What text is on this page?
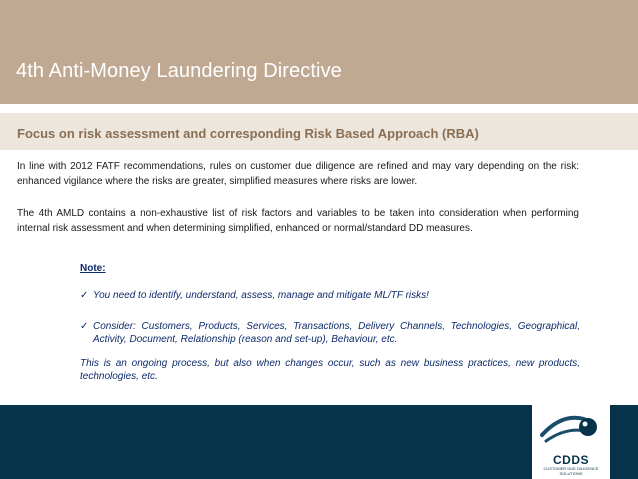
4th Anti-Money Laundering Directive
Focus on risk assessment and corresponding Risk Based Approach (RBA)

In line with 2012 FATF recommendations, rules on customer due diligence are refined and may vary depending on the risk: enhanced vigilance where the risks are greater, simplified measures where risks are lower.

The 4th AMLD contains a non-exhaustive list of risk factors and variables to be taken into consideration when performing internal risk assessment and when determining simplified, enhanced or normal/standard DD measures.

Note:
✓ You need to identify, understand, assess, manage and mitigate ML/TF risks!
✓ Consider: Customers, Products, Services, Transactions, Delivery Channels, Technologies, Geographical, Activity, Document, Relationship (reason and set-up), Behaviour, etc.

This is an ongoing process, but also when changes occur, such as new business practices, new products, technologies, etc.

CDDS
CUSTOMER DUE DILIGENCE SOLUTIONS
